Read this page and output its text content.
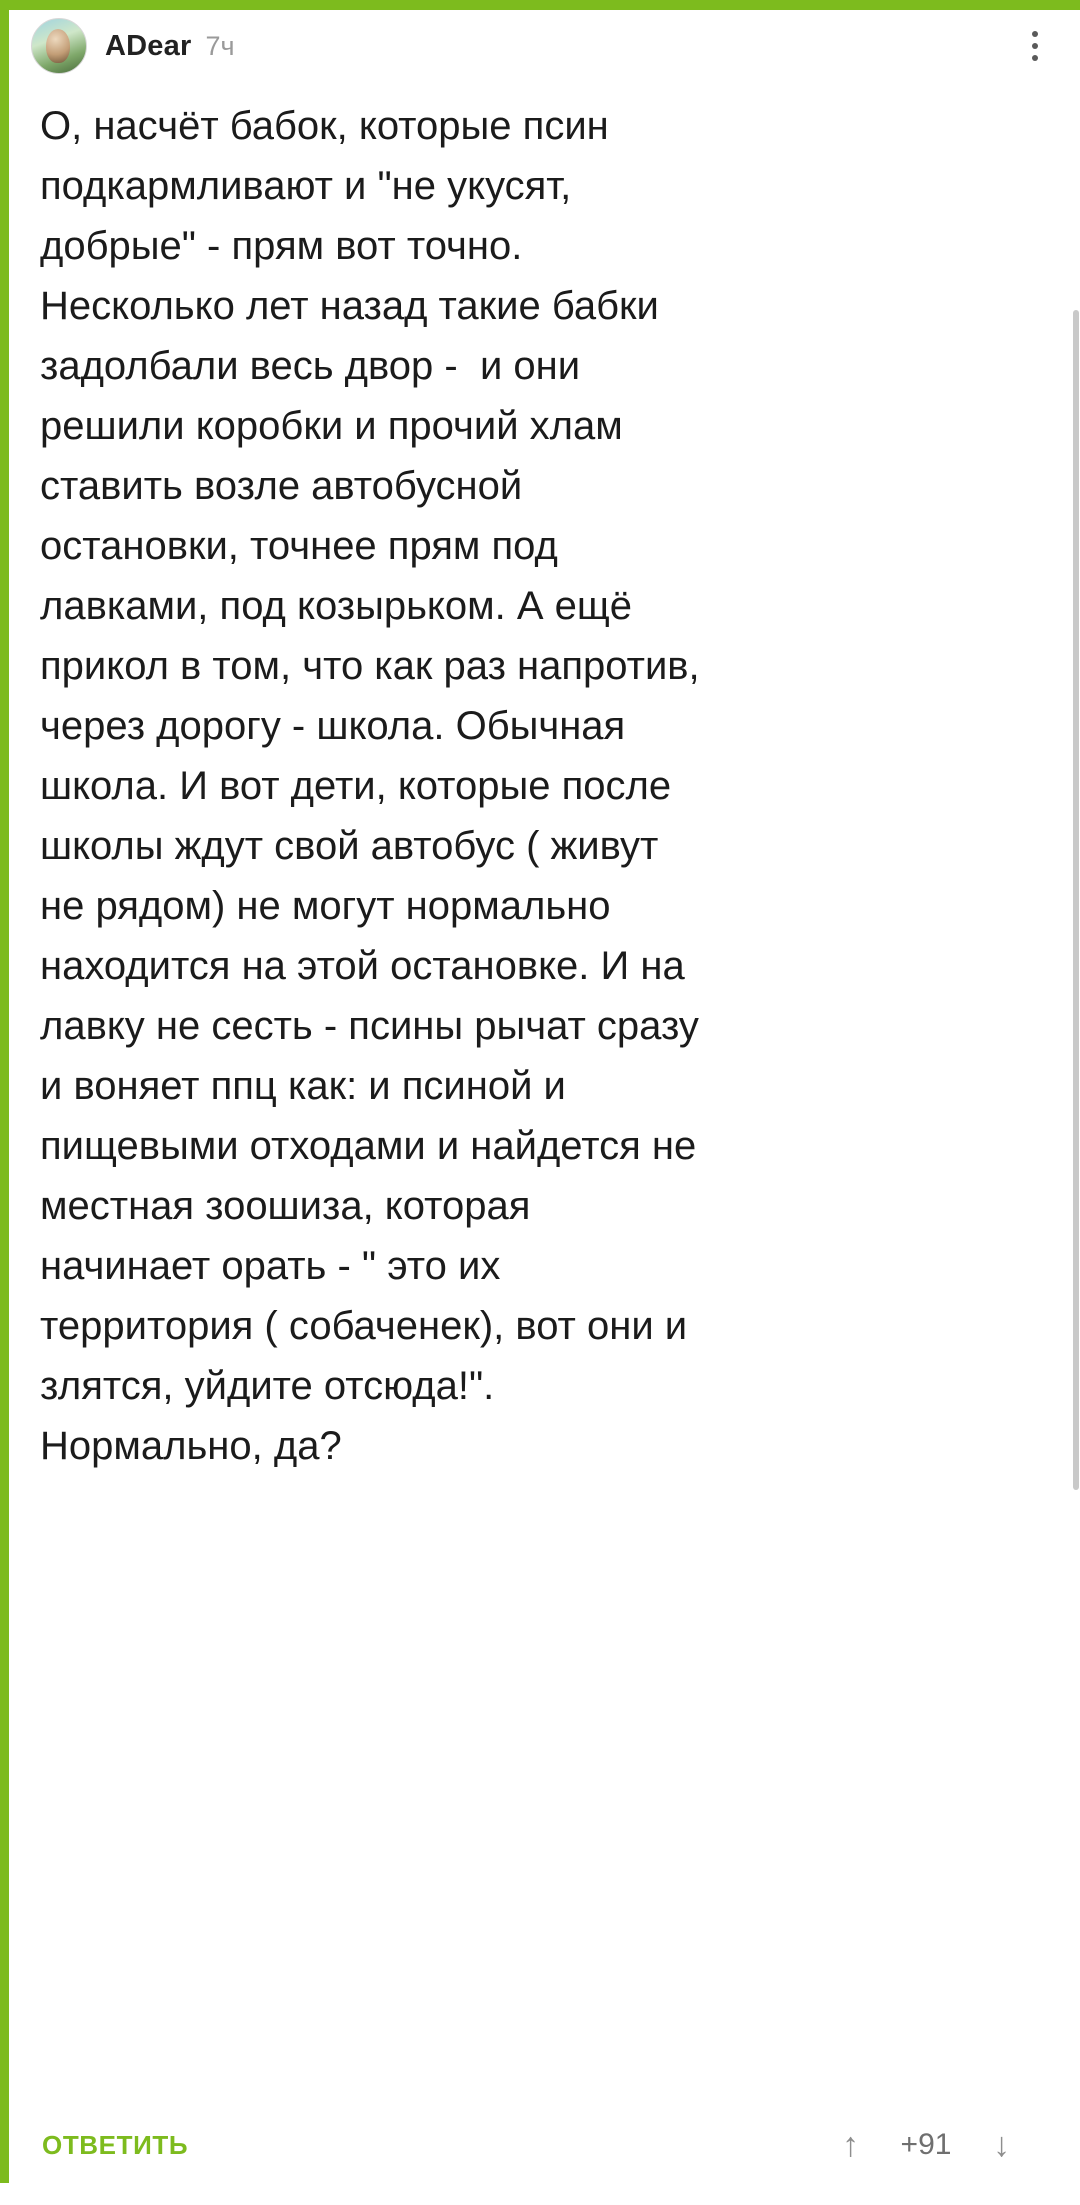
ADear 7ч
О, насчёт бабок, которые псин подкармливают и "не укусят, добрые" - прям вот точно. Несколько лет назад такие бабки задолбали весь двор -  и они решили коробки и прочий хлам ставить возле автобусной остановки, точнее прям под лавками, под козырьком. А ещё прикол в том, что как раз напротив, через дорогу - школа. Обычная школа. И вот дети, которые после школы ждут свой автобус ( живут не рядом) не могут нормально находится на этой остановке. И на лавку не сесть - псины рычат сразу и воняет ппц как: и псиной и пищевыми отходами и найдется не местная зоошиза, которая начинает орать - " это их территория ( собаченек), вот они и злятся, уйдите отсюда!". Нормально, да?
ОТВЕТИТЬ	↑	+91 ↓
